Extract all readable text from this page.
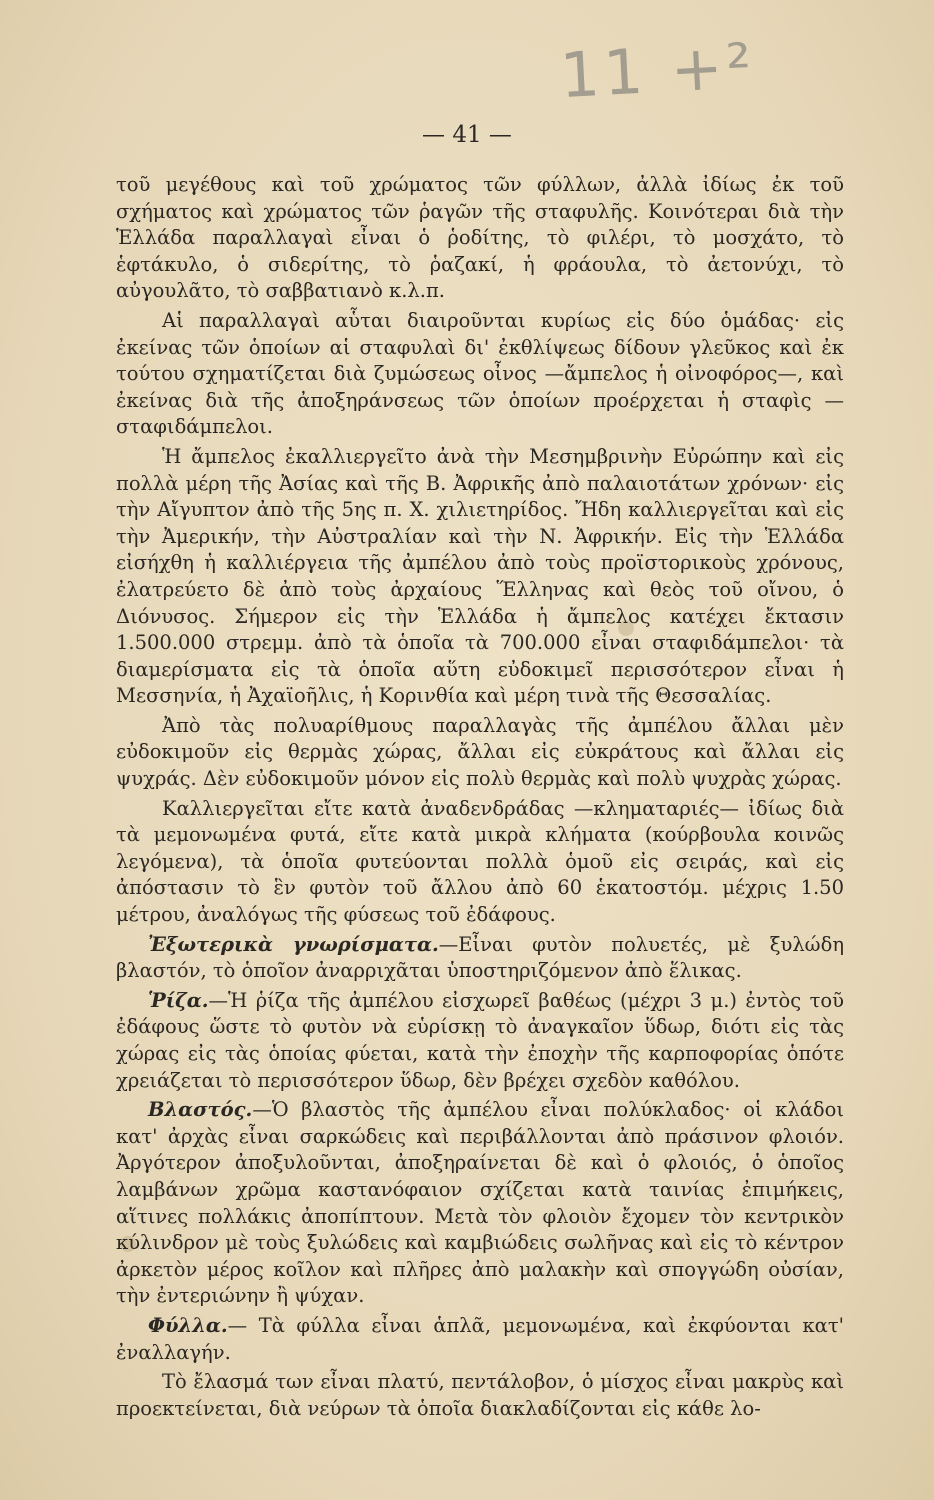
11 +²
— 41 —

τοῦ μεγέθους καὶ τοῦ χρώματος τῶν φύλλων, ἀλλὰ ἰδίως ἐκ τοῦ σχήματος καὶ χρώματος τῶν ῥαγῶν τῆς σταφυλῆς. Κοινότεραι διὰ τὴν Ἑλλάδα παραλλαγαὶ εἶναι ὁ ῥοδίτης, τὸ φιλέρι, τὸ μοσχάτο, τὸ ἑφτάκυλο, ὁ σιδερίτης, τὸ ῥαζακί, ἡ φράουλα, τὸ ἀετονύχι, τὸ αὐγουλᾶτο, τὸ σαββατιανὸ κ.λ.π.

Αἱ παραλλαγαὶ αὗται διαιροῦνται κυρίως εἰς δύο ὁμάδας· εἰς ἐκείνας τῶν ὁποίων αἱ σταφυλαὶ δι' ἐκθλίψεως δίδουν γλεῦκος καὶ ἐκ τούτου σχηματίζεται διὰ ζυμώσεως οἶνος —ἄμπελος ἡ οἰνοφόρος—, καὶ ἐκείνας διὰ τῆς ἀποξηράνσεως τῶν ὁποίων προέρχεται ἡ σταφὶς —σταφιδάμπελοι.

Ἡ ἄμπελος ἐκαλλιεργεῖτο ἀνὰ τὴν Μεσημβρινὴν Εὐρώπην καὶ εἰς πολλὰ μέρη τῆς Ἀσίας καὶ τῆς Β. Ἀφρικῆς ἀπὸ παλαιοτάτων χρόνων· εἰς τὴν Αἴγυπτον ἀπὸ τῆς 5ης π. Χ. χιλιετηρίδος. Ἤδη καλλιεργεῖται καὶ εἰς τὴν Ἀμερικήν, τὴν Αὐστραλίαν καὶ τὴν Ν. Ἀφρικήν. Εἰς τὴν Ἑλλάδα εἰσήχθη ἡ καλλιέργεια τῆς ἀμπέλου ἀπὸ τοὺς προϊστορικοὺς χρόνους, ἐλατρεύετο δὲ ἀπὸ τοὺς ἀρχαίους Ἕλληνας καὶ θεὸς τοῦ οἴνου, ὁ Διόνυσος. Σήμερον εἰς τὴν Ἑλλάδα ἡ ἄμπελος κατέχει ἔκτασιν 1.500.000 στρεμμ. ἀπὸ τὰ ὁποῖα τὰ 700.000 εἶναι σταφιδάμπελοι· τὰ διαμερίσματα εἰς τὰ ὁποῖα αὕτη εὐδοκιμεῖ περισσότερον εἶναι ἡ Μεσσηνία, ἡ Ἀχαϊοῆλις, ἡ Κορινθία καὶ μέρη τινὰ τῆς Θεσσαλίας.

Ἀπὸ τὰς πολυαρίθμους παραλλαγὰς τῆς ἀμπέλου ἄλλαι μὲν εὐδοκιμοῦν εἰς θερμὰς χώρας, ἄλλαι εἰς εὐκράτους καὶ ἄλλαι εἰς ψυχράς. Δὲν εὐδοκιμοῦν μόνον εἰς πολὺ θερμὰς καὶ πολὺ ψυχρὰς χώρας.

Καλλιεργεῖται εἴτε κατὰ ἀναδενδράδας —κληματαριές— ἰδίως διὰ τὰ μεμονωμένα φυτά, εἴτε κατὰ μικρὰ κλήματα (κούρβουλα κοινῶς λεγόμενα), τὰ ὁποῖα φυτεύονται πολλὰ ὁμοῦ εἰς σειράς, καὶ εἰς ἀπόστασιν τὸ ἓν φυτὸν τοῦ ἄλλου ἀπὸ 60 ἑκατοστόμ. μέχρις 1.50 μέτρου, ἀναλόγως τῆς φύσεως τοῦ ἐδάφους.

Ἐξωτερικὰ γνωρίσματα.—Εἶναι φυτὸν πολυετές, μὲ ξυλώδη βλαστόν, τὸ ὁποῖον ἀναρριχᾶται ὑποστηριζόμενον ἀπὸ ἕλικας.

Ῥίζα.—Ἡ ῥίζα τῆς ἀμπέλου εἰσχωρεῖ βαθέως (μέχρι 3 μ.) ἐντὸς τοῦ ἐδάφους ὥστε τὸ φυτὸν νὰ εὑρίσκῃ τὸ ἀναγκαῖον ὕδωρ, διότι εἰς τὰς χώρας εἰς τὰς ὁποίας φύεται, κατὰ τὴν ἐποχὴν τῆς καρποφορίας ὁπότε χρειάζεται τὸ περισσότερον ὕδωρ, δὲν βρέχει σχεδὸν καθόλου.

Βλαστός.—Ὁ βλαστὸς τῆς ἀμπέλου εἶναι πολύκλαδος· οἱ κλάδοι κατ' ἀρχὰς εἶναι σαρκώδεις καὶ περιβάλλονται ἀπὸ πράσινον φλοιόν. Ἀργότερον ἀποξυλοῦνται, ἀποξηραίνεται δὲ καὶ ὁ φλοιός, ὁ ὁποῖος λαμβάνων χρῶμα καστανόφαιον σχίζεται κατὰ ταινίας ἐπιμήκεις, αἵτινες πολλάκις ἀποπίπτουν. Μετὰ τὸν φλοιὸν ἔχομεν τὸν κεντρικὸν κύλινδρον μὲ τοὺς ξυλώδεις καὶ καμβιώδεις σωλῆνας καὶ εἰς τὸ κέντρον ἀρκετὸν μέρος κοῖλον καὶ πλῆρες ἀπὸ μαλακὴν καὶ σπογγώδη οὐσίαν, τὴν ἐντεριώνην ἢ ψύχαν.

Φύλλα.— Τὰ φύλλα εἶναι ἁπλᾶ, μεμονωμένα, καὶ ἐκφύονται κατ' ἐναλλαγήν.

Τὸ ἔλασμά των εἶναι πλατύ, πεντάλοβον, ὁ μίσχος εἶναι μακρὺς καὶ προεκτείνεται, διὰ νεύρων τὰ ὁποῖα διακλαδίζονται εἰς κάθε λο-
